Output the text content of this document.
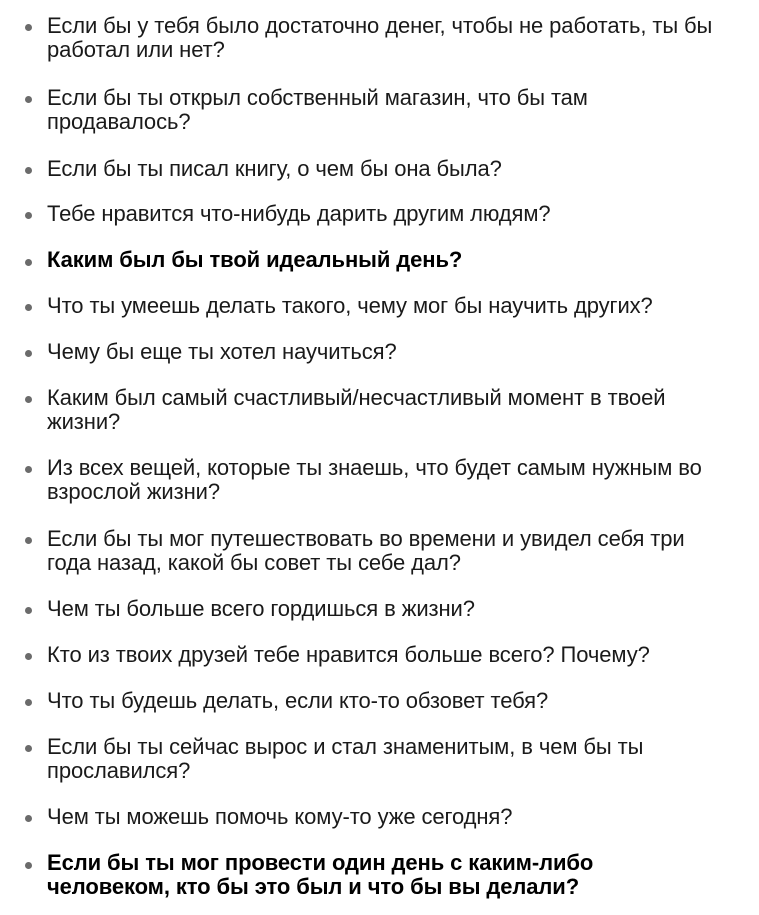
Если бы у тебя было достаточно денег, чтобы не работать, ты бы работал или нет?
Если бы ты открыл собственный магазин, что бы там продавалось?
Если бы ты писал книгу, о чем бы она была?
Тебе нравится что-нибудь дарить другим людям?
Каким был бы твой идеальный день?
Что ты умеешь делать такого, чему мог бы научить других?
Чему бы еще ты хотел научиться?
Каким был самый счастливый/несчастливый момент в твоей жизни?
Из всех вещей, которые ты знаешь, что будет самым нужным во взрослой жизни?
Если бы ты мог путешествовать во времени и увидел себя три года назад, какой бы совет ты себе дал?
Чем ты больше всего гордишься в жизни?
Кто из твоих друзей тебе нравится больше всего? Почему?
Что ты будешь делать, если кто-то обзовет тебя?
Если бы ты сейчас вырос и стал знаменитым, в чем бы ты прославился?
Чем ты можешь помочь кому-то уже сегодня?
Если бы ты мог провести один день с каким-либо человеком, кто бы это был и что бы вы делали?
